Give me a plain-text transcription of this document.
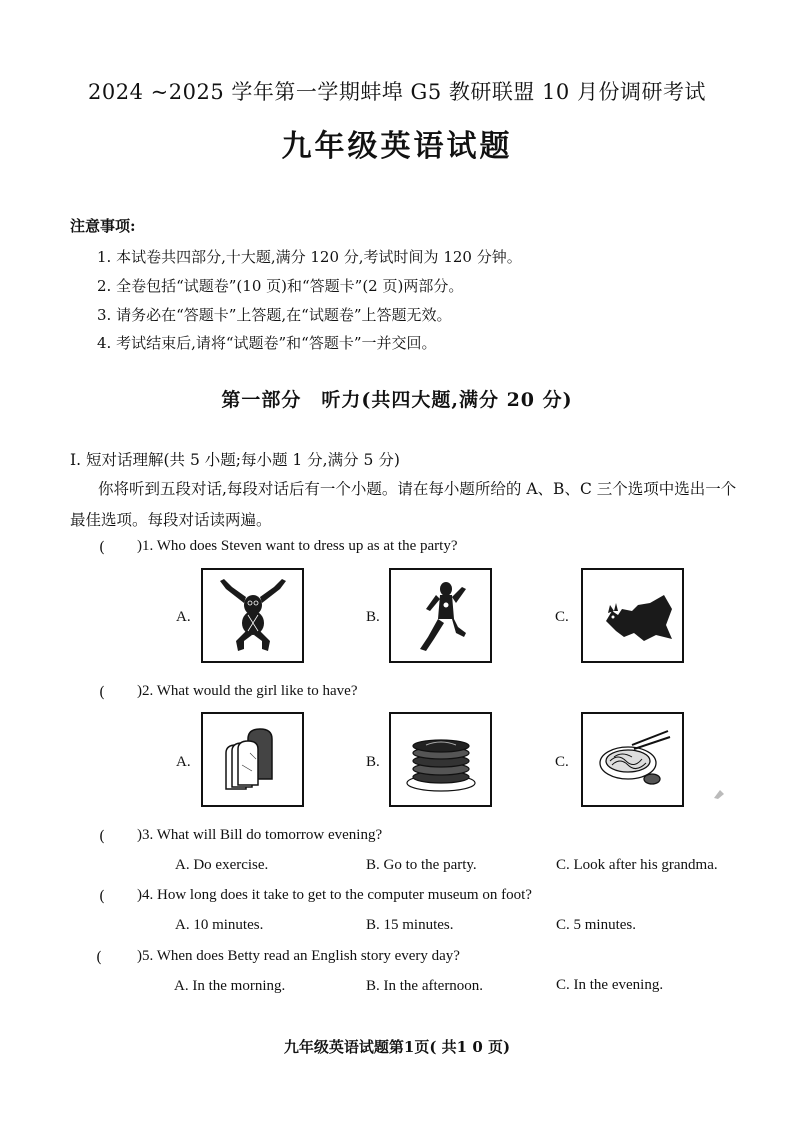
2024 ~2025 学年第一学期蚌埠 G5 教研联盟 10 月份调研考试
九年级英语试题
注意事项:
1. 本试卷共四部分,十大题,满分 120 分,考试时间为 120 分钟。
2. 全卷包括“试题卷”(10 页)和“答题卡”(2 页)两部分。
3. 请务必在“答题卡”上答题,在“试题卷”上答题无效。
4. 考试结束后,请将“试题卷”和“答题卡”一并交回。
第一部分　听力(共四大题,满分 20 分)
Ⅰ. 短对话理解(共 5 小题;每小题 1 分,满分 5 分)
你将听到五段对话,每段对话后有一个小题。请在每小题所给的 A、B、C 三个选项中选出一个
最佳选项。每段对话读两遍。
( )1. Who does Steven want to dress up as at the party?
A.	B.	C.
( )2. What would the girl like to have?
A.	B.	C.
( )3. What will Bill do tomorrow evening?
A. Do exercise.	B. Go to the party.	C. Look after his grandma.
( )4. How long does it take to get to the computer museum on foot?
A. 10 minutes.	B. 15 minutes.	C. 5 minutes.
( )5. When does Betty read an English story every day?
A. In the morning.	B. In the afternoon.	C. In the evening.
九年级英语试题第1页( 共1 0 页)
